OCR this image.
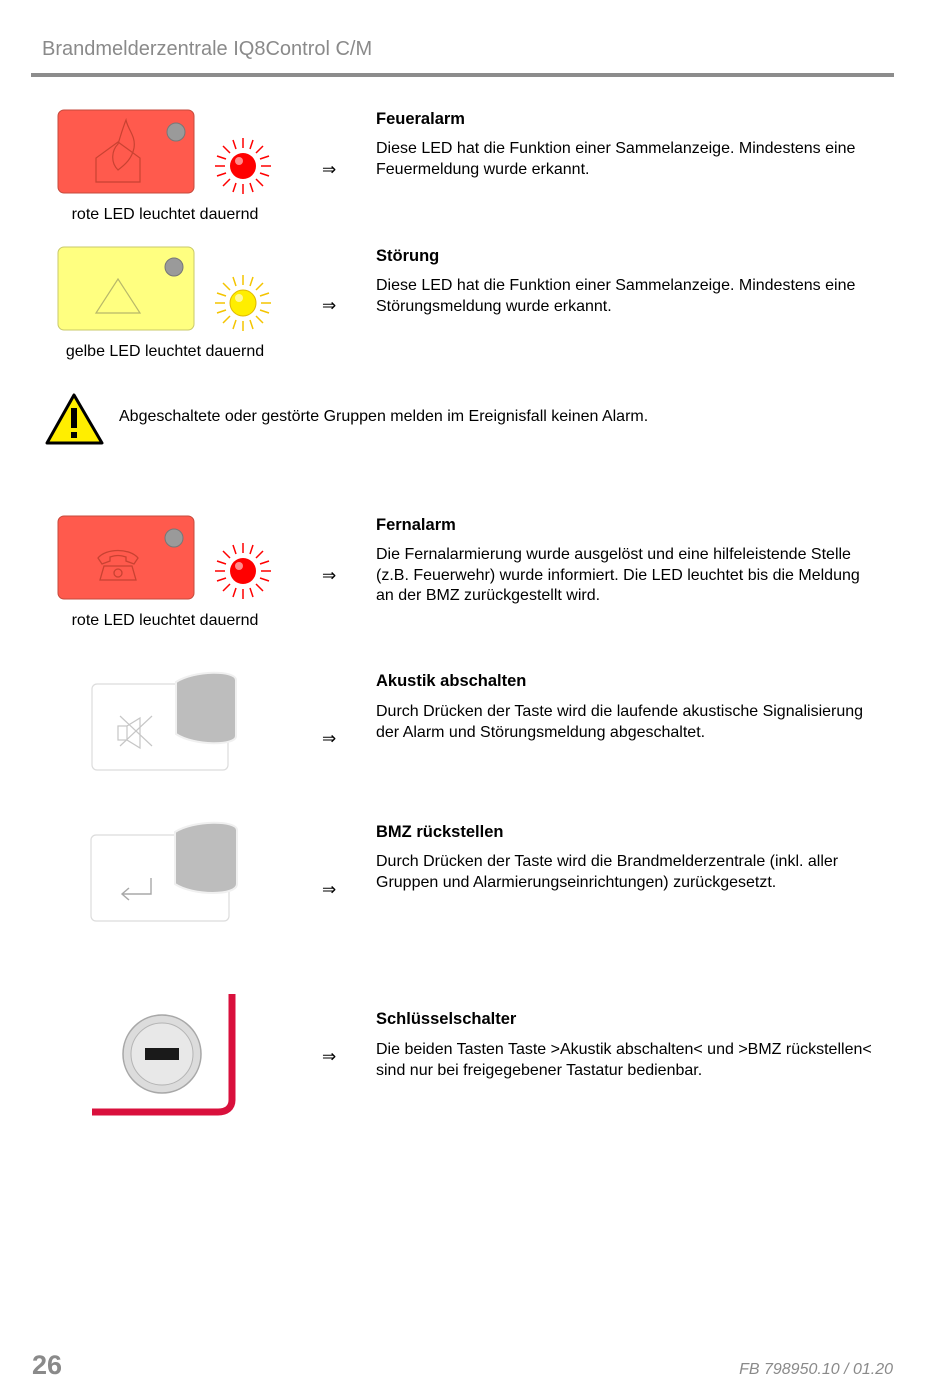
Brandmelderzentrale IQ8Control C/M
rote LED leuchtet dauernd
⇒
Feueralarm
Diese LED hat die Funktion einer Sammelanzeige. Mindestens eine Feuermeldung wurde erkannt.
gelbe LED leuchtet dauernd
⇒
Störung
Diese LED hat die Funktion einer Sammelanzeige. Mindestens eine Störungsmeldung wurde erkannt.
Abgeschaltete oder gestörte Gruppen melden im Ereignisfall keinen Alarm.
rote LED leuchtet dauernd
⇒
Fernalarm
Die Fernalarmierung wurde ausgelöst und eine hilfeleistende Stelle (z.B. Feuerwehr) wurde informiert. Die LED leuchtet bis die Meldung an der BMZ zurückgestellt wird.
⇒
Akustik abschalten
Durch Drücken der Taste wird die laufende akustische Signalisierung der Alarm und Störungsmeldung abgeschaltet.
⇒
BMZ rückstellen
Durch Drücken der Taste wird die Brandmelderzentrale (inkl. aller Gruppen und Alarmierungseinrichtungen) zurückgesetzt.
⇒
Schlüsselschalter
Die beiden Tasten Taste >Akustik abschalten< und >BMZ rückstellen< sind nur bei freigegebener Tastatur bedienbar.
26	FB 798950.10 / 01.20
